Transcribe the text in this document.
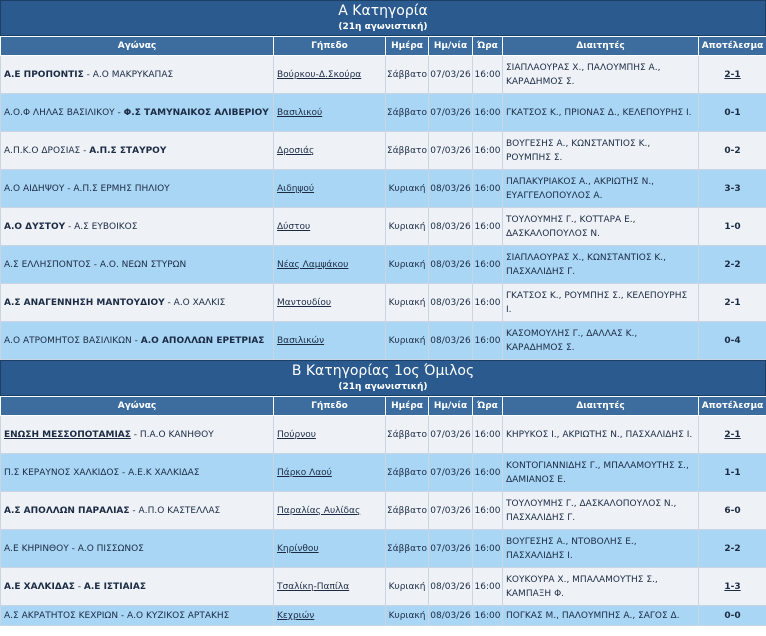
Α Κατηγορία
(21η αγωνιστική)
Αγώνας	Γήπεδο	Ημέρα	Ημ/νία	Ώρα	Διαιτητές	Αποτέλεσμα
Α.Ε ΠΡΟΠΟΝΤΙΣ - Α.Ο ΜΑΚΡΥΚΑΠΑΣ	Βούρκου-Δ.Σκούρα	Σάββατο	07/03/26	16:00	ΣΙΑΠΛΑΟΥΡΑΣ Χ., ΠΑΛΟΥΜΠΗΣ Α., ΚΑΡΑΔΗΜΟΣ Σ.	2-1
Α.Ο.Φ ΛΗΛΑΣ ΒΑΣΙΛΙΚΟΥ - Φ.Σ ΤΑΜΥΝΑΙΚΟΣ ΑΛΙΒΕΡΙΟΥ	Βασιλικού	Σάββατο	07/03/26	16:00	ΓΚΑΤΣΟΣ Κ., ΠΡΙΟΝΑΣ Δ., ΚΕΛΕΠΟΥΡΗΣ Ι.	0-1
Α.Π.Κ.Ο ΔΡΟΣΙΑΣ - Α.Π.Σ ΣΤΑΥΡΟΥ	Δροσιάς	Σάββατο	07/03/26	16:00	ΒΟΥΓΕΣΗΣ Α., ΚΩΝΣΤΑΝΤΙΟΣ Κ., ΡΟΥΜΠΗΣ Σ.	0-2
Α.Ο ΑΙΔΗΨΟΥ - Α.Π.Σ ΕΡΜΗΣ ΠΗΛΙΟΥ	Αιδηψού	Κυριακή	08/03/26	16:00	ΠΑΠΑΚΥΡΙΑΚΟΣ Α., ΑΚΡΙΩΤΗΣ Ν., ΕΥΑΓΓΕΛΟΠΟΥΛΟΣ Α.	3-3
Α.Ο ΔΥΣΤΟΥ - Α.Σ ΕΥΒΟΙΚΟΣ	Δύστου	Κυριακή	08/03/26	16:00	ΤΟΥΛΟΥΜΗΣ Γ., ΚΟΤΤΑΡΑ Ε., ΔΑΣΚΑΛΟΠΟΥΛΟΣ Ν.	1-0
Α.Σ ΕΛΛΗΣΠΟΝΤΟΣ - Α.Ο. ΝΕΩΝ ΣΤΥΡΩΝ	Νέας Λαμψάκου	Κυριακή	08/03/26	16:00	ΣΙΑΠΛΑΟΥΡΑΣ Χ., ΚΩΝΣΤΑΝΤΙΟΣ Κ., ΠΑΣΧΑΛΙΔΗΣ Γ.	2-2
Α.Σ ΑΝΑΓΕΝΝΗΣΗ ΜΑΝΤΟΥΔΙΟΥ - Α.Ο ΧΑΛΚΙΣ	Μαντουδίου	Κυριακή	08/03/26	16:00	ΓΚΑΤΣΟΣ Κ., ΡΟΥΜΠΗΣ Σ., ΚΕΛΕΠΟΥΡΗΣ Ι.	2-1
Α.Ο ΑΤΡΟΜΗΤΟΣ ΒΑΣΙΛΙΚΩΝ - Α.Ο ΑΠΟΛΛΩΝ ΕΡΕΤΡΙΑΣ	Βασιλικών	Κυριακή	08/03/26	16:00	ΚΑΣΟΜΟΥΛΗΣ Γ., ΔΑΛΛΑΣ Κ., ΚΑΡΑΔΗΜΟΣ Σ.	0-4
Β Κατηγορίας 1ος Όμιλος
(21η αγωνιστική)
Αγώνας	Γήπεδο	Ημέρα	Ημ/νία	Ώρα	Διαιτητές	Αποτέλεσμα
ΕΝΩΣΗ ΜΕΣΣΟΠΟΤΑΜΙΑΣ - Π.Α.Ο ΚΑΝΗΘΟΥ	Πούρνου	Σάββατο	07/03/26	16:00	ΚΗΡΥΚΟΣ Ι., ΑΚΡΙΩΤΗΣ Ν., ΠΑΣΧΑΛΙΔΗΣ Ι.	2-1
Π.Σ ΚΕΡΑΥΝΟΣ ΧΑΛΚΙΔΟΣ - Α.Ε.Κ ΧΑΛΚΙΔΑΣ	Πάρκο Λαού	Σάββατο	07/03/26	16:00	ΚΟΝΤΟΓΙΑΝΝΙΔΗΣ Γ., ΜΠΑΛΑΜΟΥΤΗΣ Σ., ΔΑΜΙΑΝΟΣ Ε.	1-1
Α.Σ ΑΠΟΛΛΩΝ ΠΑΡΑΛΙΑΣ - Α.Π.Ο ΚΑΣΤΕΛΛΑΣ	Παραλίας Αυλίδας	Σάββατο	07/03/26	16:00	ΤΟΥΛΟΥΜΗΣ Γ., ΔΑΣΚΑΛΟΠΟΥΛΟΣ Ν., ΠΑΣΧΑΛΙΔΗΣ Γ.	6-0
Α.Ε ΚΗΡΙΝΘΟΥ - Α.Ο ΠΙΣΣΩΝΟΣ	Κηρίνθου	Σάββατο	07/03/26	16:00	ΒΟΥΓΕΣΗΣ Α., ΝΤΟΒΟΛΗΣ Ε., ΠΑΣΧΑΛΙΔΗΣ Ι.	2-2
Α.Ε ΧΑΛΚΙΔΑΣ - Α.Ε ΙΣΤΙΑΙΑΣ	Τσαλίκη-Παπίλα	Κυριακή	08/03/26	16:00	ΚΟΥΚΟΥΡΑ Χ., ΜΠΑΛΑΜΟΥΤΗΣ Σ., ΚΑΜΠΑΞΗ Φ.	1-3
Α.Σ ΑΚΡΑΤΗΤΟΣ ΚΕΧΡΙΩΝ - Α.Ο ΚΥΖΙΚΟΣ ΑΡΤΑΚΗΣ	Κεχριών	Κυριακή	08/03/26	16:00	ΠΟΓΚΑΣ Μ., ΠΑΛΟΥΜΠΗΣ Α., ΣΑΓΟΣ Δ.	0-0
